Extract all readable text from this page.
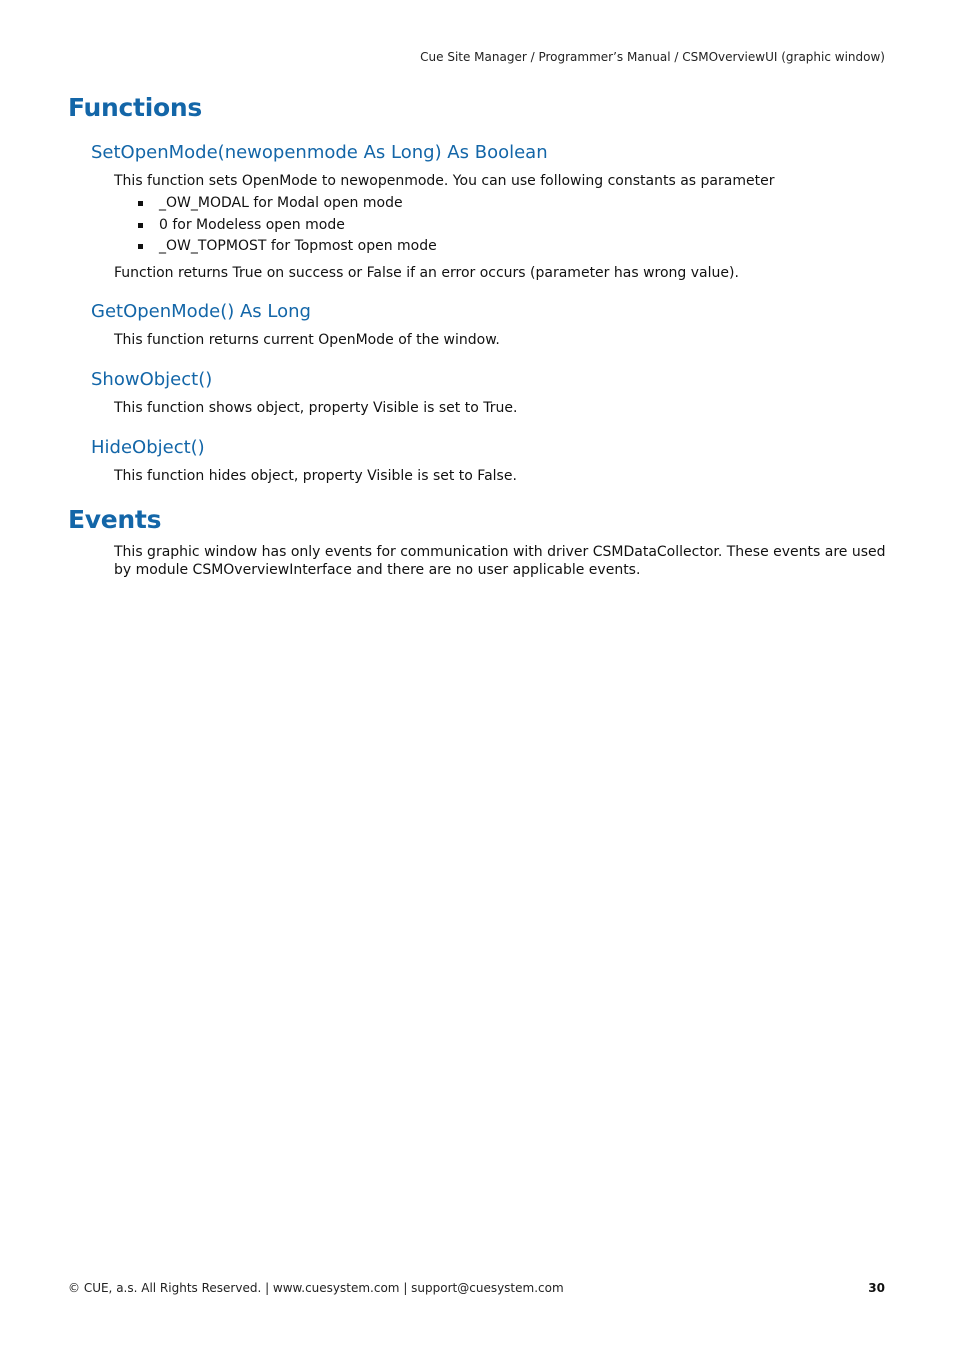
Cue Site Manager / Programmer’s Manual / CSMOverviewUI (graphic window)
Functions
SetOpenMode(newopenmode As Long) As Boolean

This function sets OpenMode to newopenmode. You can use following constants as parameter

_OW_MODAL for Modal open mode
0 for Modeless open mode
_OW_TOPMOST for Topmost open mode

Function returns True on success or False if an error occurs (parameter has wrong value).

GetOpenMode() As Long

This function returns current OpenMode of the window.

ShowObject()

This function shows object, property Visible is set to True.

HideObject()

This function hides object, property Visible is set to False.

Events

This graphic window has only events for communication with driver CSMDataCollector. These events are used

by module CSMOverviewInterface and there are no user applicable events.

© CUE, a.s. All Rights Reserved. | www.cuesystem.com | support@cuesystem.com	30
